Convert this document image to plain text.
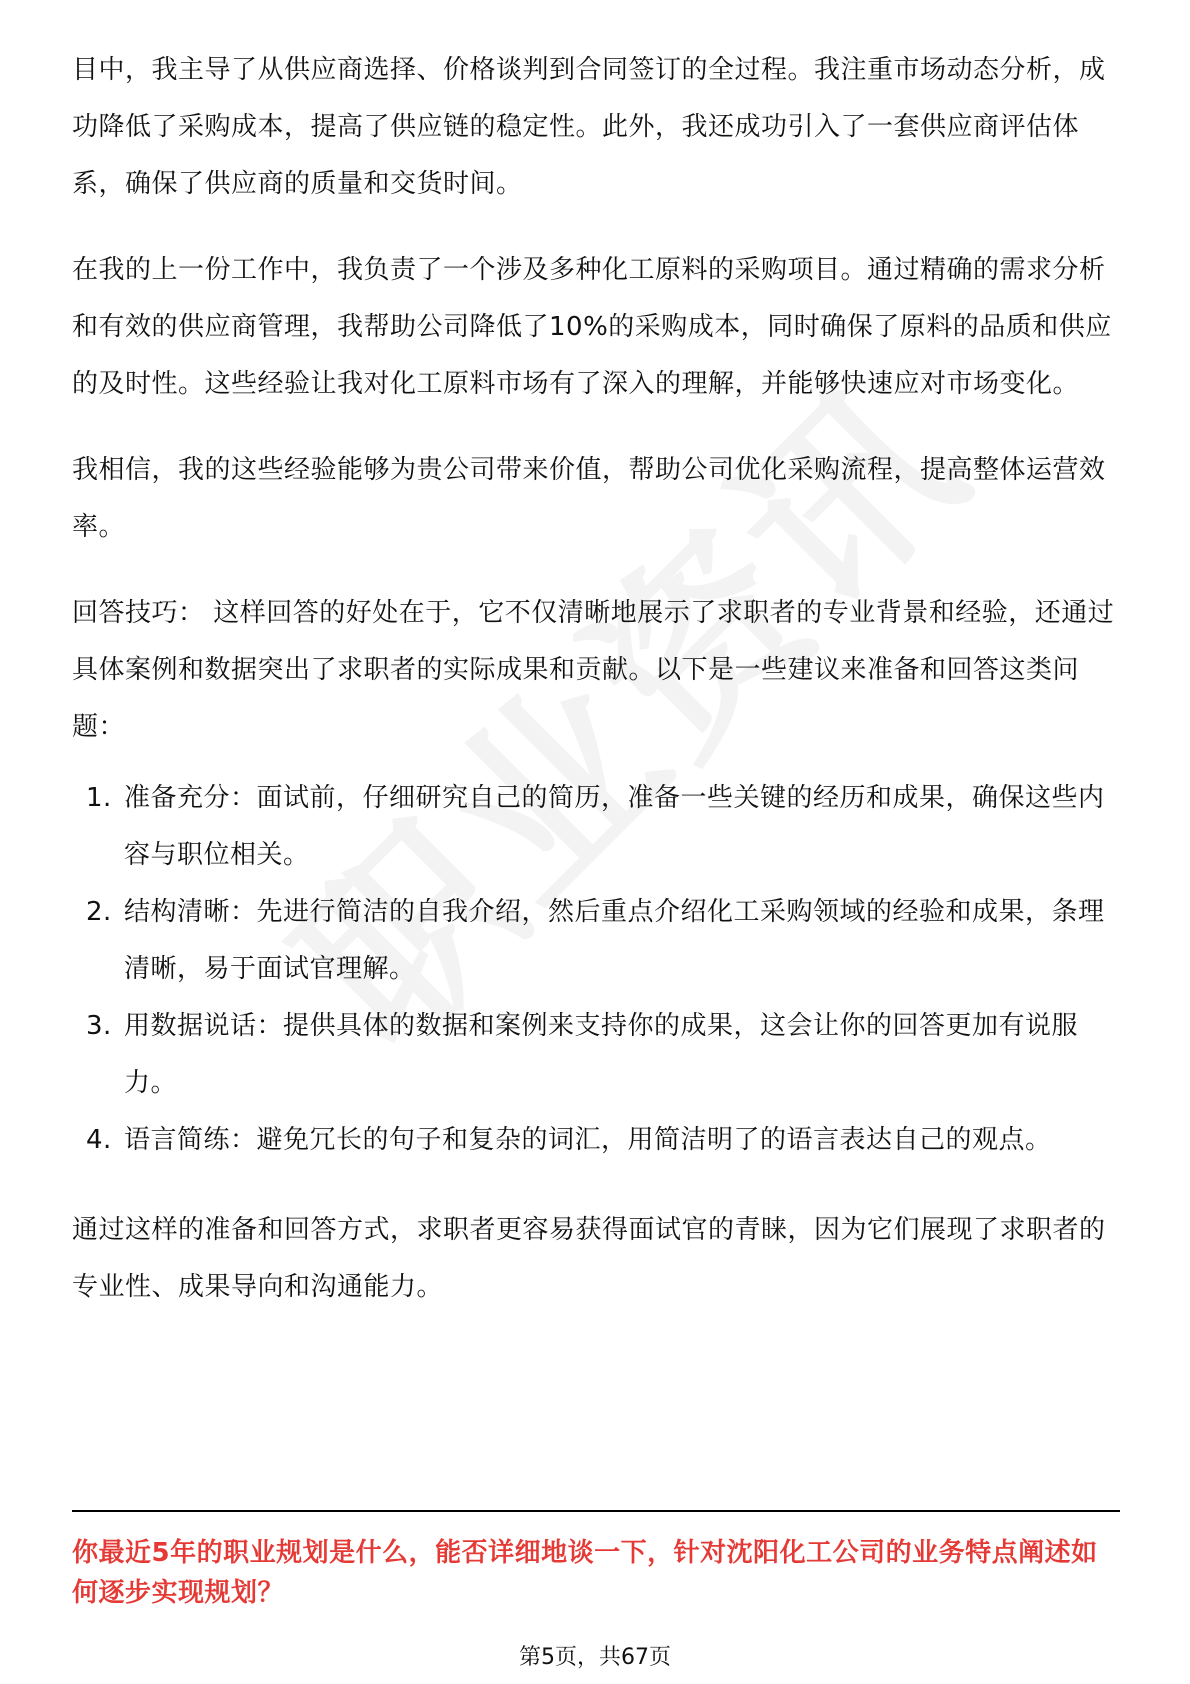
目中，我主导了从供应商选择、价格谈判到合同签订的全过程。我注重市场动态分析，成功降低了采购成本，提高了供应链的稳定性。此外，我还成功引入了一套供应商评估体系，确保了供应商的质量和交货时间。

在我的上一份工作中，我负责了一个涉及多种化工原料的采购项目。通过精确的需求分析和有效的供应商管理，我帮助公司降低了10%的采购成本，同时确保了原料的品质和供应的及时性。这些经验让我对化工原料市场有了深入的理解，并能够快速应对市场变化。

我相信，我的这些经验能够为贵公司带来价值，帮助公司优化采购流程，提高整体运营效率。

回答技巧： 这样回答的好处在于，它不仅清晰地展示了求职者的专业背景和经验，还通过具体案例和数据突出了求职者的实际成果和贡献。以下是一些建议来准备和回答这类问题：

1. 准备充分：面试前，仔细研究自己的简历，准备一些关键的经历和成果，确保这些内容与职位相关。
2. 结构清晰：先进行简洁的自我介绍，然后重点介绍化工采购领域的经验和成果，条理清晰，易于面试官理解。
3. 用数据说话：提供具体的数据和案例来支持你的成果，这会让你的回答更加有说服力。
4. 语言简练：避免冗长的句子和复杂的词汇，用简洁明了的语言表达自己的观点。

通过这样的准备和回答方式，求职者更容易获得面试官的青睐，因为它们展现了求职者的专业性、成果导向和沟通能力。

你最近5年的职业规划是什么，能否详细地谈一下，针对沈阳化工公司的业务特点阐述如何逐步实现规划？
第5页，共67页
